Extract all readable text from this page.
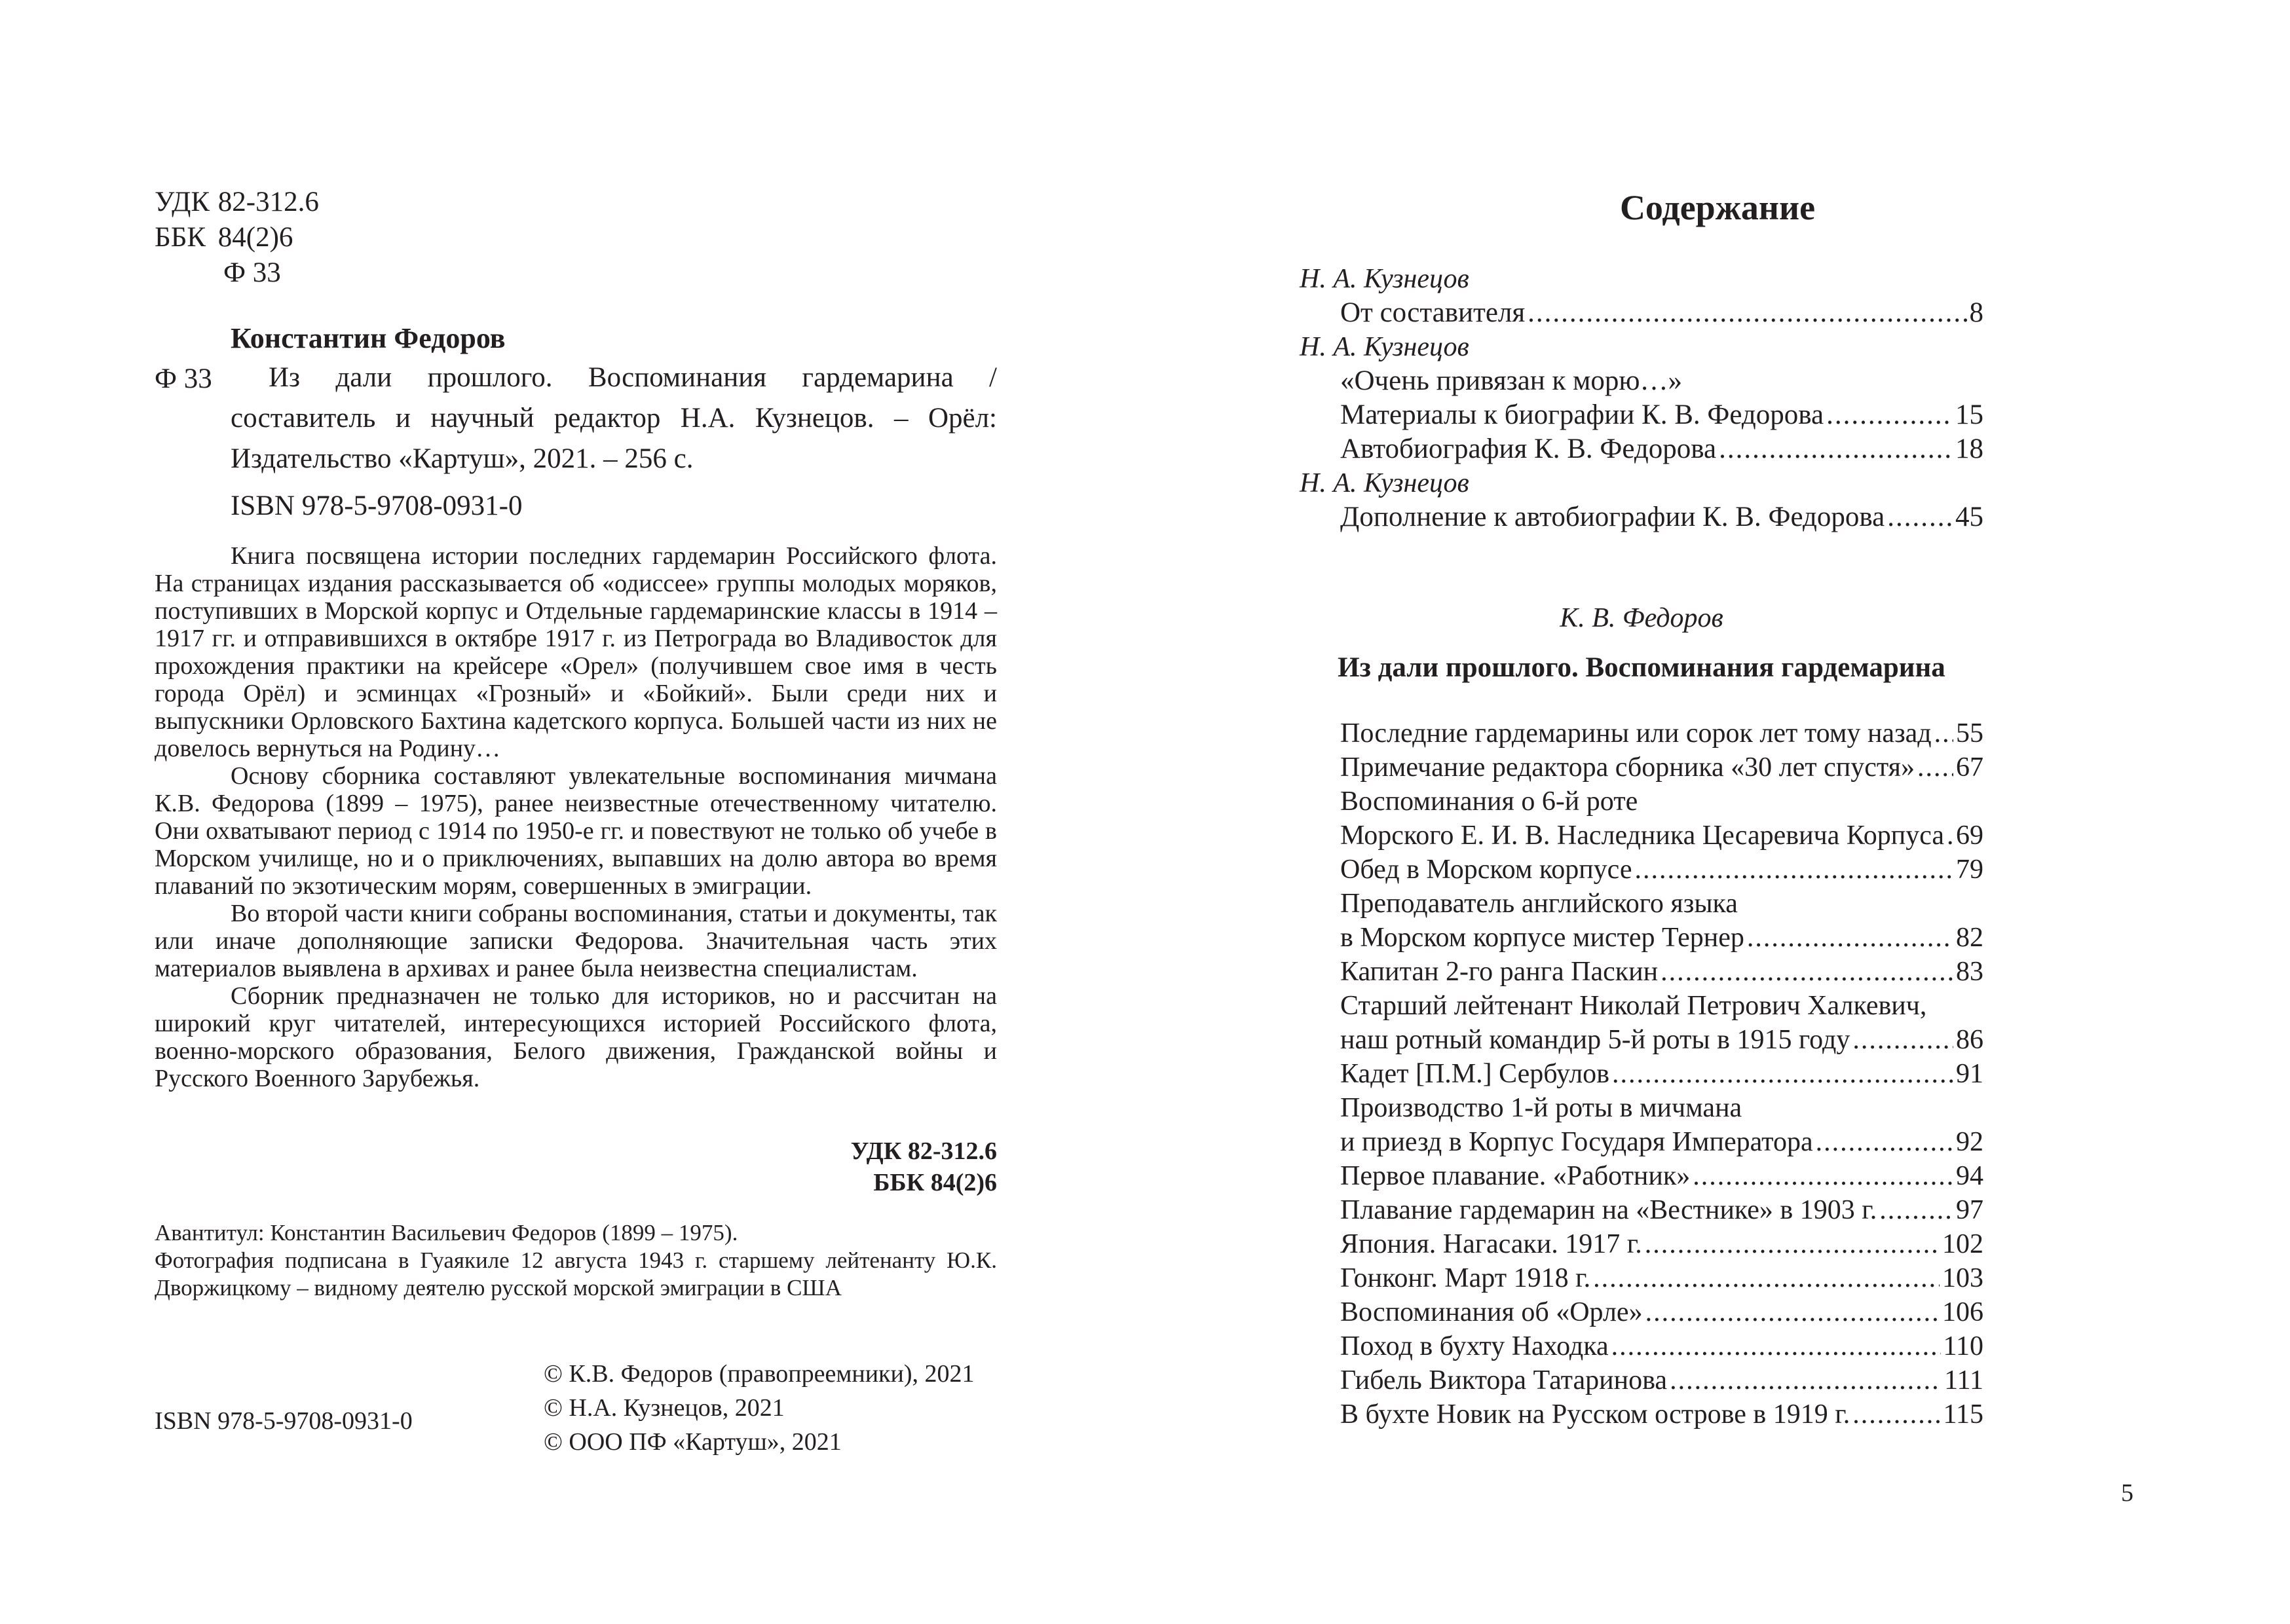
УДК 82-312.6
ББК 84(2)6
Ф 33
Константин Федоров
Ф 33	Из дали прошлого. Воспоминания гардемарина / составитель и научный редактор Н.А. Кузнецов. – Орёл: Издательство «Картуш», 2021. – 256 с.
ISBN 978-5-9708-0931-0

Книга посвящена истории последних гардемарин Российского флота. На страницах издания рассказывается об «одиссее» группы молодых моряков, поступивших в Морской корпус и Отдельные гардемаринские классы в 1914 – 1917 гг. и отправившихся в октябре 1917 г. из Петрограда во Владивосток для прохождения практики на крейсере «Орел» (получившем свое имя в честь города Орёл) и эсминцах «Грозный» и «Бойкий». Были среди них и выпускники Орловского Бахтина кадетского корпуса. Большей части из них не довелось вернуться на Родину…

Основу сборника составляют увлекательные воспоминания мичмана К.В. Федорова (1899 – 1975), ранее неизвестные отечественному читателю. Они охватывают период с 1914 по 1950-е гг. и повествуют не только об учебе в Морском училище, но и о приключениях, выпавших на долю автора во время плаваний по экзотическим морям, совершенных в эмиграции.

Во второй части книги собраны воспоминания, статьи и документы, так или иначе дополняющие записки Федорова. Значительная часть этих материалов выявлена в архивах и ранее была неизвестна специалистам.

Сборник предназначен не только для историков, но и рассчитан на широкий круг читателей, интересующихся историей Российского флота, военно-морского образования, Белого движения, Гражданской войны и Русского Военного Зарубежья.

УДК 82-312.6
ББК 84(2)6

Авантитул: Константин Васильевич Федоров (1899 – 1975).

Фотография подписана в Гуаякиле 12 августа 1943 г. старшему лейтенанту Ю.К. Дворжицкому – видному деятелю русской морской эмиграции в США

ISBN 978-5-9708-0931-0
© К.В. Федоров (правопреемники), 2021
© Н.А. Кузнецов, 2021
© ООО ПФ «Картуш», 2021
Содержание
Н. А. Кузнецов
От составителя .....	8
Н. А. Кузнецов
«Очень привязан к морю…»
Материалы к биографии К. В. Федорова .....	15
Автобиография К. В. Федорова .....	18
Н. А. Кузнецов
Дополнение к автобиографии К. В. Федорова .....	45
К. В. Федоров
Из дали прошлого. Воспоминания гардемарина
Последние гардемарины или сорок лет тому назад ..... 55
Примечание редактора сборника «30 лет спустя» ..... 67
Воспоминания о 6-й роте
Морского Е. И. В. Наследника Цесаревича Корпуса ..... 69
Обед в Морском корпусе .....	79
Преподаватель английского языка
в Морском корпусе мистер Тернер .....	82
Капитан 2-го ранга Паскин .....	83
Старший лейтенант Николай Петрович Халкевич,
наш ротный командир 5-й роты в 1915 году .....	86
Кадет [П.М.] Сербулов .....	91
Производство 1-й роты в мичмана
и приезд в Корпус Государя Императора .....	92
Первое плавание. «Работник» .....	94
Плавание гардемарин на «Вестнике» в 1903 г. .....	97
Япония. Нагасаки. 1917 г. .....	102
Гонконг. Март 1918 г. .....	103
Воспоминания об «Орле» .....	106
Поход в бухту Находка .....	110
Гибель Виктора Татаринова .....	111
В бухте Новик на Русском острове в 1919 г. .....	115
5
